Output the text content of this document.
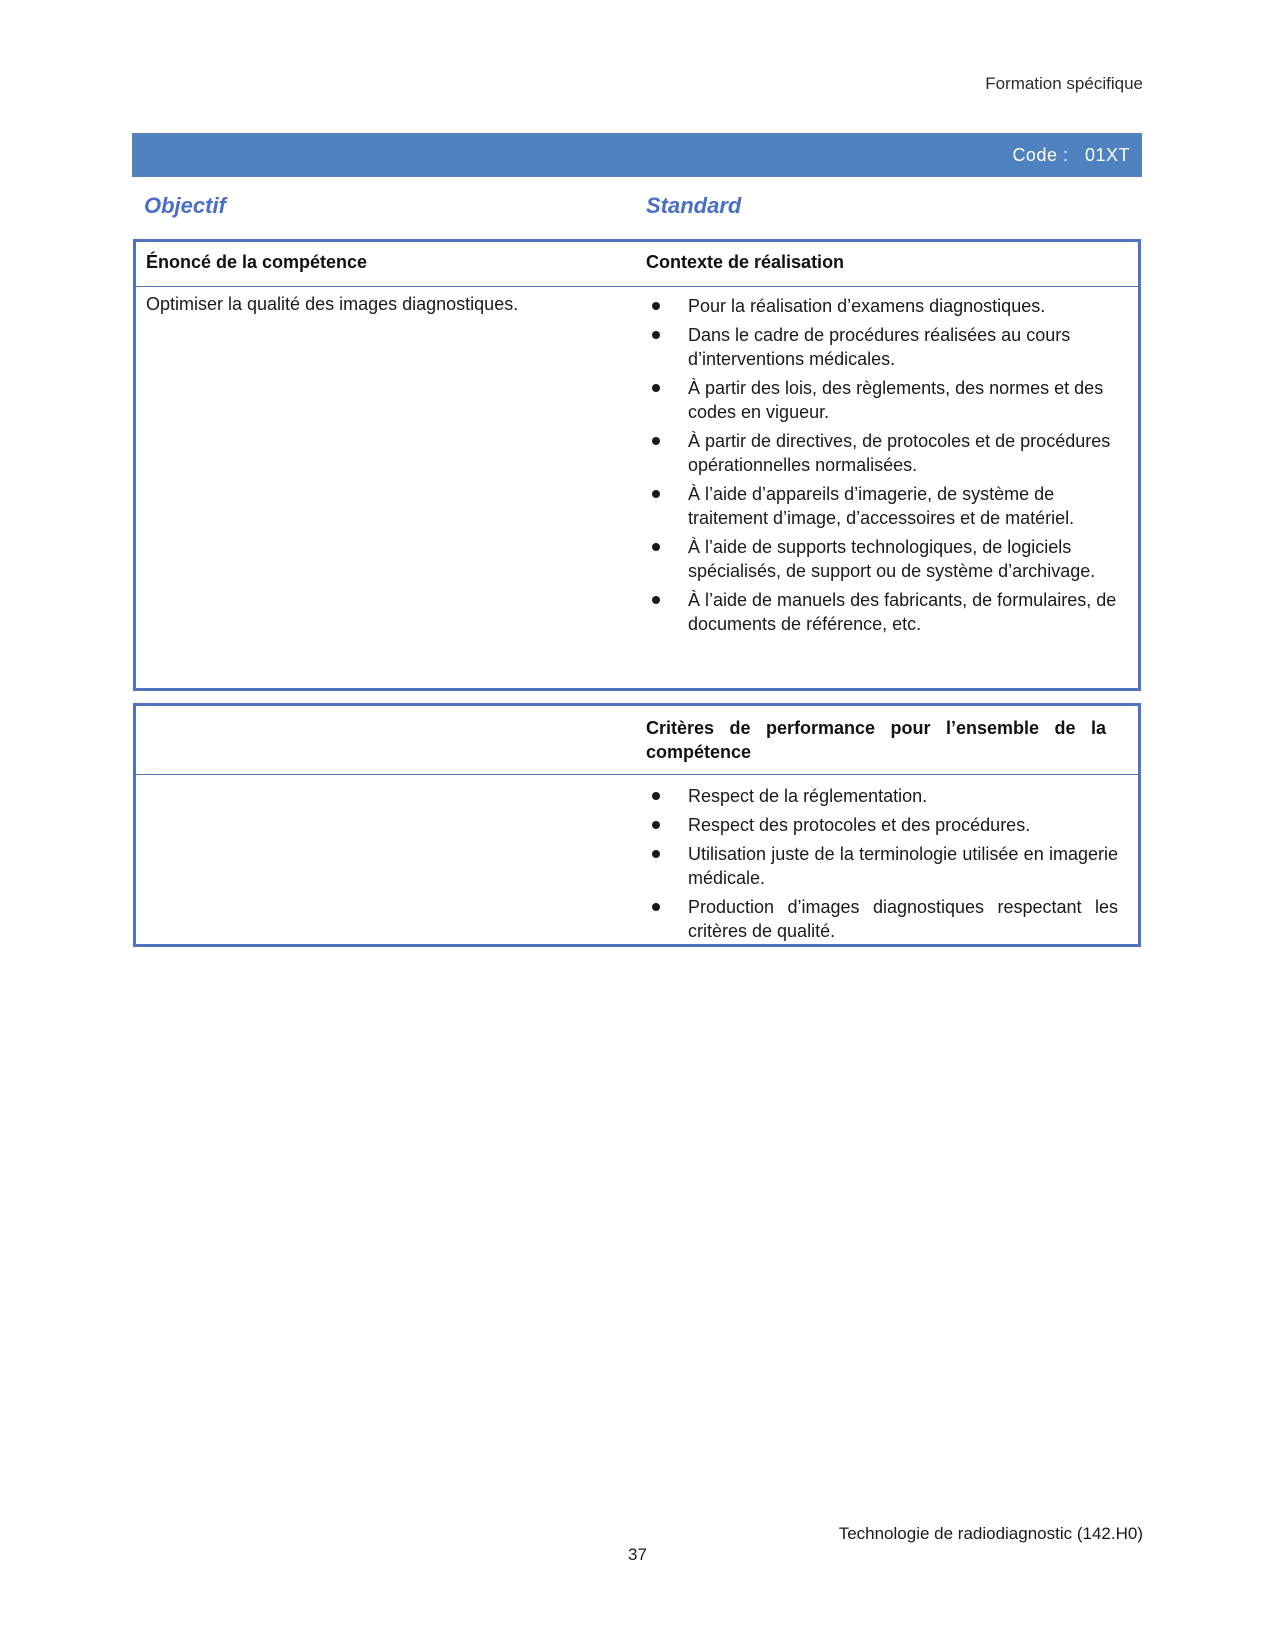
Formation spécifique
Code :   01XT
Objectif	Standard
Énoncé de la compétence	Contexte de réalisation
Optimiser la qualité des images diagnostiques.	Pour la réalisation d’examens diagnostiques.
Dans le cadre de procédures réalisées au cours d’interventions médicales.
À partir des lois, des règlements, des normes et des codes en vigueur.
À partir de directives, de protocoles et de procédures opérationnelles normalisées.
À l’aide d’appareils d’imagerie, de système de traitement d’image, d’accessoires et de matériel.
À l’aide de supports technologiques, de logiciels spécialisés, de support ou de système d’archivage.
À l’aide de manuels des fabricants, de formulaires, de documents de référence, etc.
Critères de performance pour l’ensemble de la compétence
Respect de la réglementation.
Respect des protocoles et des procédures.
Utilisation juste de la terminologie utilisée en imagerie médicale.
Production d’images diagnostiques respectant les critères de qualité.
Technologie de radiodiagnostic (142.H0)
37
